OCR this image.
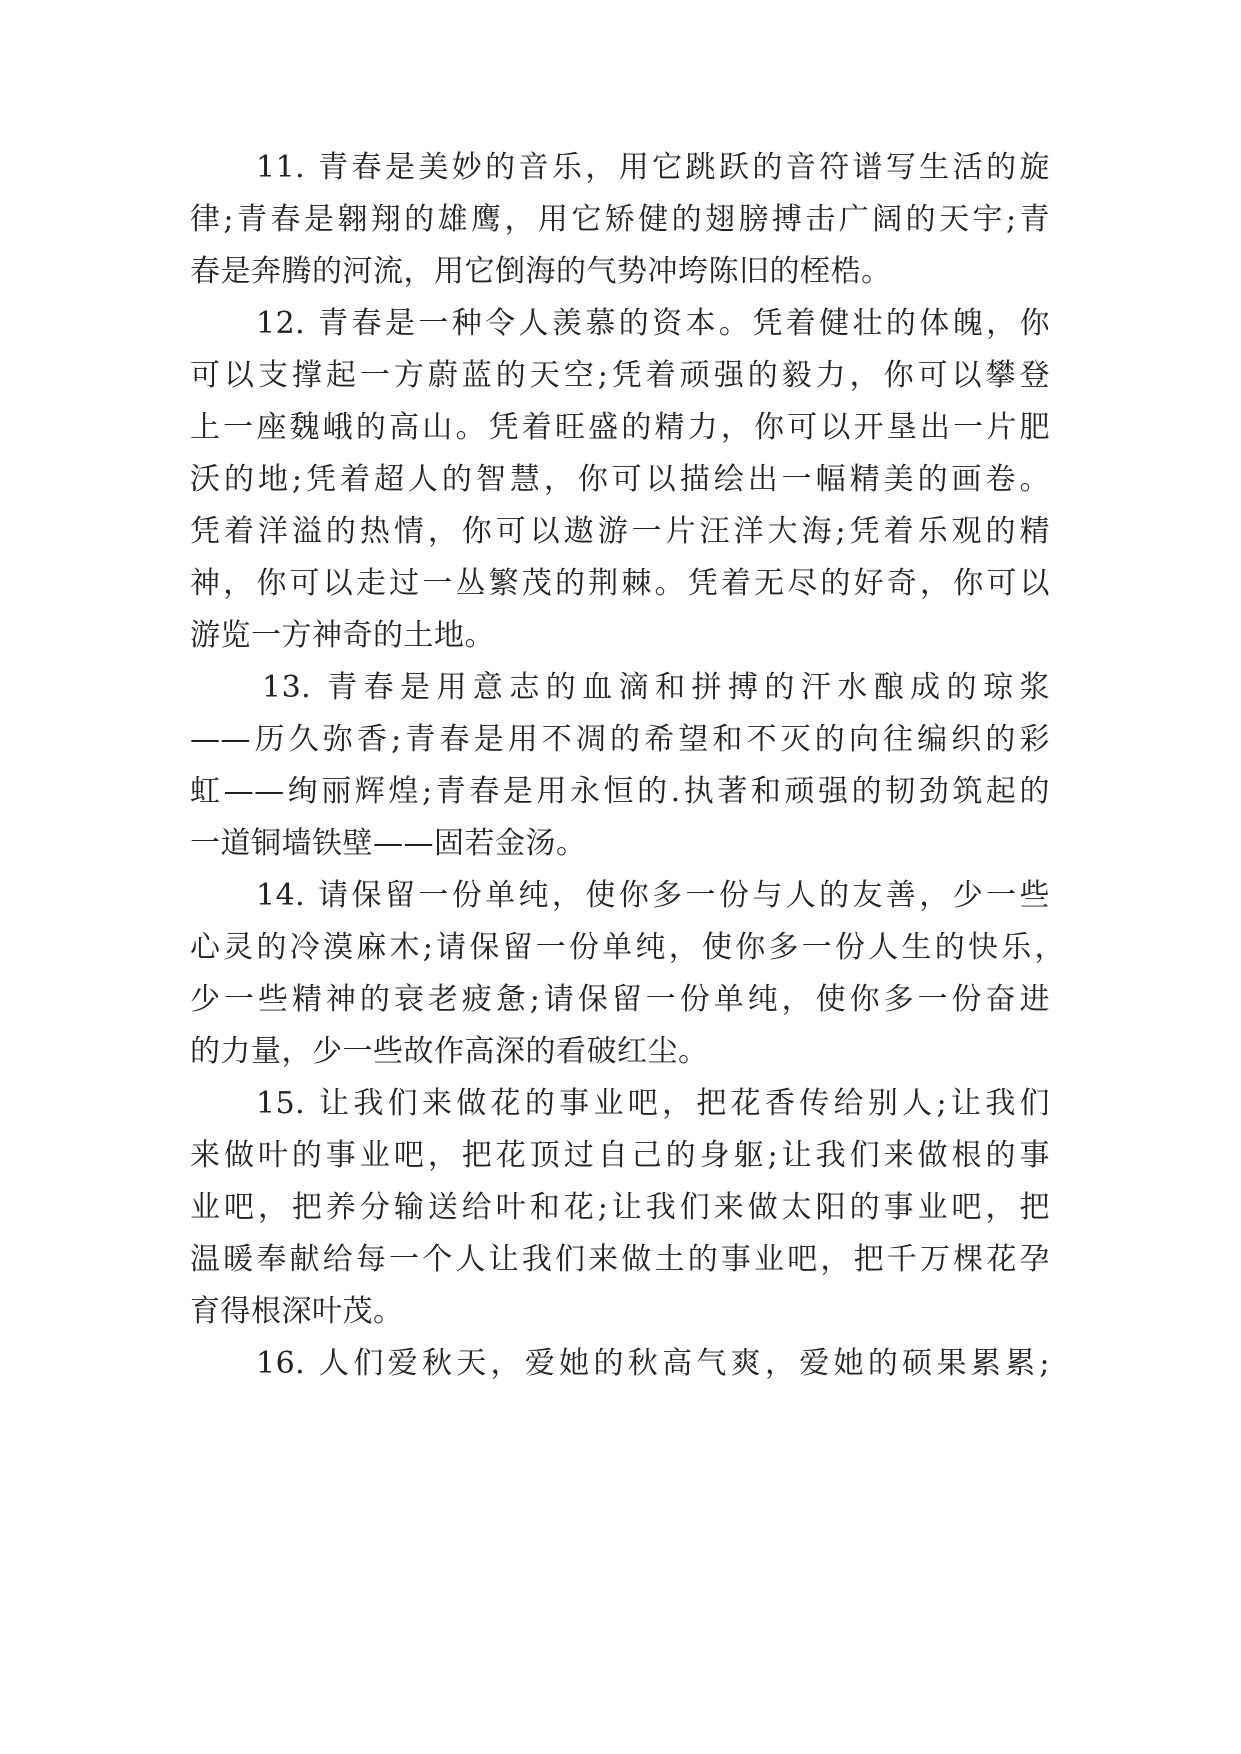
11. 青春是美妙的音乐，用它跳跃的音符谱写生活的旋

律;青春是翱翔的雄鹰，用它矫健的翅膀搏击广阔的天宇;青

春是奔腾的河流，用它倒海的气势冲垮陈旧的桎梏。

12. 青春是一种令人羡慕的资本。凭着健壮的体魄，你

可以支撑起一方蔚蓝的天空;凭着顽强的毅力，你可以攀登

上一座魏峨的高山。凭着旺盛的精力，你可以开垦出一片肥

沃的地;凭着超人的智慧，你可以描绘出一幅精美的画卷。

凭着洋溢的热情，你可以遨游一片汪洋大海;凭着乐观的精

神，你可以走过一丛繁茂的荆棘。凭着无尽的好奇，你可以

游览一方神奇的土地。

13. 青春是用意志的血滴和拼搏的汗水酿成的琼浆

——历久弥香;青春是用不凋的希望和不灭的向往编织的彩

虹——绚丽辉煌;青春是用永恒的.执著和顽强的韧劲筑起的

一道铜墙铁壁——固若金汤。

14. 请保留一份单纯，使你多一份与人的友善，少一些

心灵的冷漠麻木;请保留一份单纯，使你多一份人生的快乐，

少一些精神的衰老疲惫;请保留一份单纯，使你多一份奋进

的力量，少一些故作高深的看破红尘。

15. 让我们来做花的事业吧，把花香传给别人;让我们

来做叶的事业吧，把花顶过自己的身躯;让我们来做根的事

业吧，把养分输送给叶和花;让我们来做太阳的事业吧，把

温暖奉献给每一个人让我们来做土的事业吧，把千万棵花孕

育得根深叶茂。

16. 人们爱秋天，爱她的秋高气爽，爱她的硕果累累;
